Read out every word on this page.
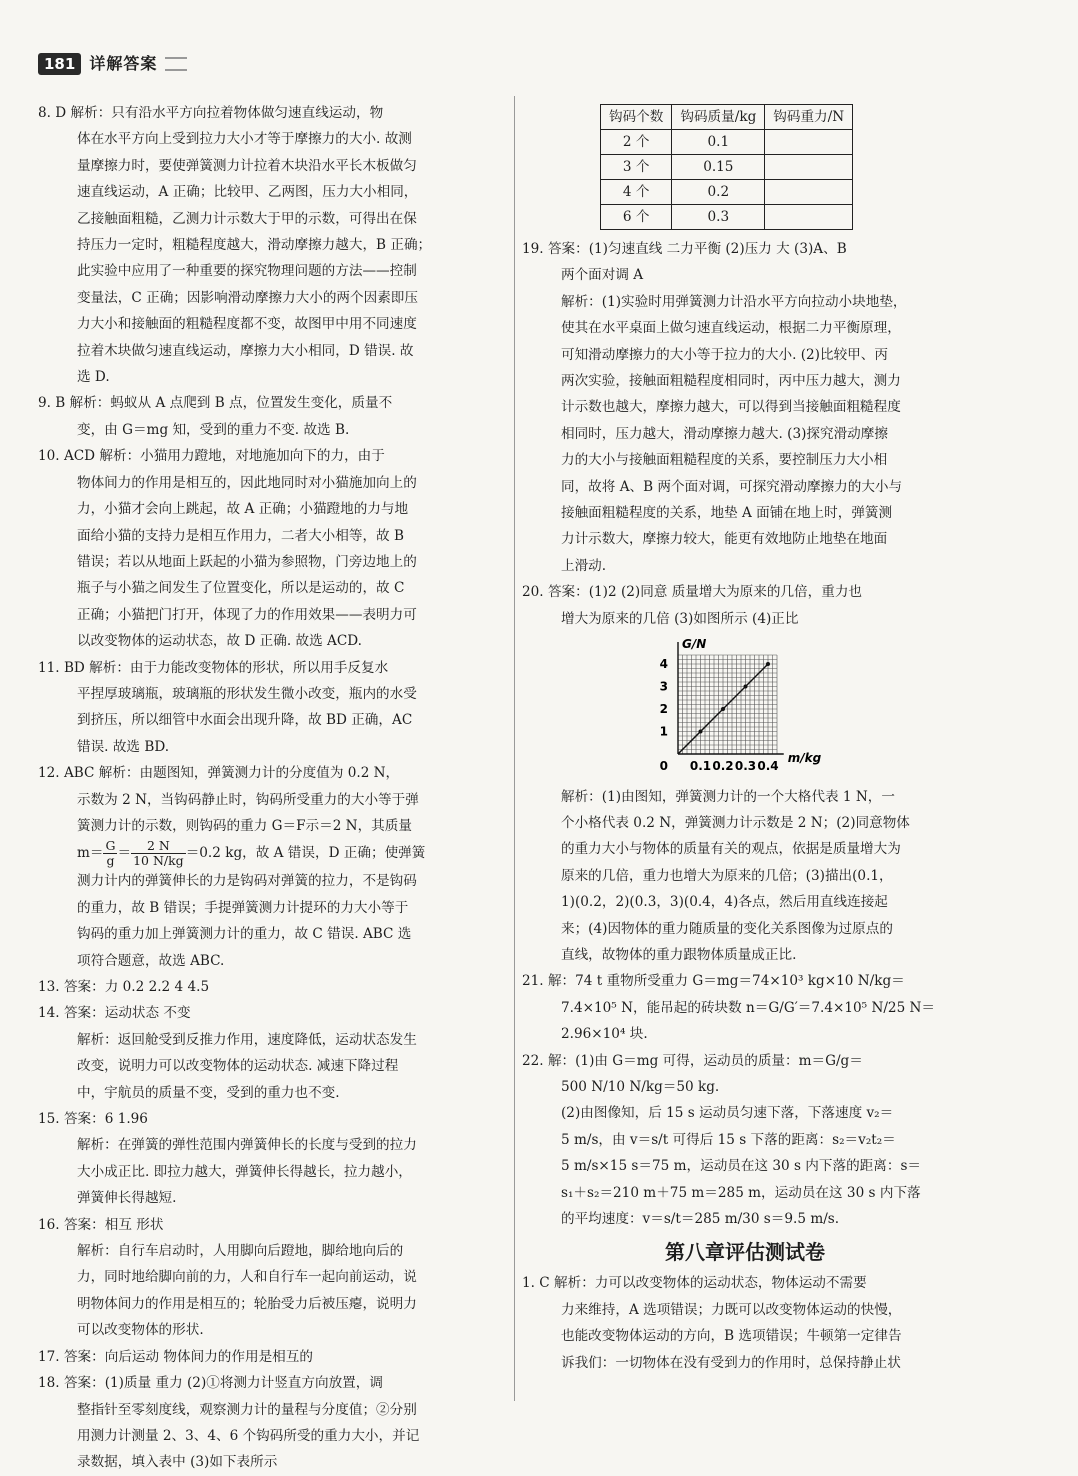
181 详解答案
8. D 解析：只有沿水平方向拉着物体做匀速直线运动，物
体在水平方向上受到拉力大小才等于摩擦力的大小. 故测
量摩擦力时，要使弹簧测力计拉着木块沿水平长木板做匀
速直线运动，A 正确；比较甲、乙两图，压力大小相同，
乙接触面粗糙，乙测力计示数大于甲的示数，可得出在保
持压力一定时，粗糙程度越大，滑动摩擦力越大，B 正确；
此实验中应用了一种重要的探究物理问题的方法——控制
变量法，C 正确；因影响滑动摩擦力大小的两个因素即压
力大小和接触面的粗糙程度都不变，故图甲中用不同速度
拉着木块做匀速直线运动，摩擦力大小相同，D 错误. 故
选 D.
9. B 解析：蚂蚁从 A 点爬到 B 点，位置发生变化，质量不
变，由 G＝mg 知，受到的重力不变. 故选 B.
10. ACD 解析：小猫用力蹬地，对地施加向下的力，由于
物体间力的作用是相互的，因此地同时对小猫施加向上的
力，小猫才会向上跳起，故 A 正确；小猫蹬地的力与地
面给小猫的支持力是相互作用力，二者大小相等，故 B
错误；若以从地面上跃起的小猫为参照物，门旁边地上的
瓶子与小猫之间发生了位置变化，所以是运动的，故 C
正确；小猫把门打开，体现了力的作用效果——表明力可
以改变物体的运动状态，故 D 正确. 故选 ACD.
11. BD 解析：由于力能改变物体的形状，所以用手反复水
平捏厚玻璃瓶，玻璃瓶的形状发生微小改变，瓶内的水受
到挤压，所以细管中水面会出现升降，故 BD 正确，AC
错误. 故选 BD.
12. ABC 解析：由题图知，弹簧测力计的分度值为 0.2 N，
示数为 2 N，当钩码静止时，钩码所受重力的大小等于弹
簧测力计的示数，则钩码的重力 G＝F示＝2 N，其质量
$m= \frac{G}{g} = \frac{2 N}{10 N/kg} =0.2$ kg，故 A 错误，D 正确；使弹簧
测力计内的弹簧伸长的力是钩码对弹簧的拉力，不是钩码
的重力，故 B 错误；手提弹簧测力计提环的力大小等于
钩码的重力加上弹簧测力计的重力，故 C 错误. ABC 选
项符合题意，故选 ABC.
13. 答案：力 0.2 2.2 4 4.5
14. 答案：运动状态 不变
解析：返回舱受到反推力作用，速度降低，运动状态发生
改变，说明力可以改变物体的运动状态. 减速下降过程
中，宇航员的质量不变，受到的重力也不变.
15. 答案：6 1.96
解析：在弹簧的弹性范围内弹簧伸长的长度与受到的拉力
大小成正比. 即拉力越大，弹簧伸长得越长，拉力越小，
弹簧伸长得越短.
16. 答案：相互 形状
解析：自行车启动时，人用脚向后蹬地，脚给地向后的
力，同时地给脚向前的力，人和自行车一起向前运动，说
明物体间力的作用是相互的；轮胎受力后被压瘪，说明力
可以改变物体的形状.
17. 答案：向后运动 物体间力的作用是相互的
18. 答案：(1)质量 重力 (2)①将测力计竖直方向放置，调
整指针至零刻度线，观察测力计的量程与分度值；②分别
用测力计测量 2、3、4、6 个钩码所受的重力大小，并记
录数据，填入表中 (3)如下表所示
钩码个数	钩码质量/kg	钩码重力/N
2 个	0.1	
3 个	0.15	
4 个	0.2	
6 个	0.3	
19. 答案：(1)匀速直线 二力平衡 (2)压力 大 (3)A、B
两个面对调 A
解析：(1)实验时用弹簧测力计沿水平方向拉动小块地垫，
使其在水平桌面上做匀速直线运动，根据二力平衡原理，
可知滑动摩擦力的大小等于拉力的大小. (2)比较甲、丙
两次实验，接触面粗糙程度相同时，丙中压力越大，测力
计示数也越大，摩擦力越大，可以得到当接触面粗糙程度
相同时，压力越大，滑动摩擦力越大. (3)探究滑动摩擦
力的大小与接触面粗糙程度的关系，要控制压力大小相
同，故将 A、B 两个面对调，可探究滑动摩擦力的大小与
接触面粗糙程度的关系，地垫 A 面铺在地上时，弹簧测
力计示数大，摩擦力较大，能更有效地防止地垫在地面
上滑动.
20. 答案：(1)2 (2)同意 质量增大为原来的几倍，重力也
增大为原来的几倍 (3)如图所示 (4)正比
0.1 0.2 0.3 0.4
1
2
3
4
0
m/kg
G/N
解析：(1)由图知，弹簧测力计的一个大格代表 1 N，一
个小格代表 0.2 N，弹簧测力计示数是 2 N；(2)同意物体
的重力大小与物体的质量有关的观点，依据是质量增大为
原来的几倍，重力也增大为原来的几倍；(3)描出(0.1，
1)(0.2，2)(0.3，3)(0.4，4)各点，然后用直线连接起
来；(4)因物体的重力随质量的变化关系图像为过原点的
直线，故物体的重力跟物体质量成正比.
21. 解：74 t 重物所受重力 G＝mg＝74×10³ kg×10 N/kg＝
7.4×10⁵ N，能吊起的砖块数 n＝G/G′＝7.4×10⁵ N/25 N＝
2.96×10⁴ 块.
22. 解：(1)由 G＝mg 可得，运动员的质量：m＝G/g＝
500 N/10 N/kg＝50 kg.
(2)由图像知，后 15 s 运动员匀速下落，下落速度 v₂＝
5 m/s，由 v＝s/t 可得后 15 s 下落的距离：s₂＝v₂t₂＝
5 m/s×15 s＝75 m，运动员在这 30 s 内下落的距离：s＝
s₁＋s₂＝210 m＋75 m＝285 m，运动员在这 30 s 内下落
的平均速度：v＝s/t＝285 m/30 s＝9.5 m/s.
第八章评估测试卷
1. C 解析：力可以改变物体的运动状态，物体运动不需要
力来维持，A 选项错误；力既可以改变物体运动的快慢，
也能改变物体运动的方向，B 选项错误；牛顿第一定律告
诉我们：一切物体在没有受到力的作用时，总保持静止状
